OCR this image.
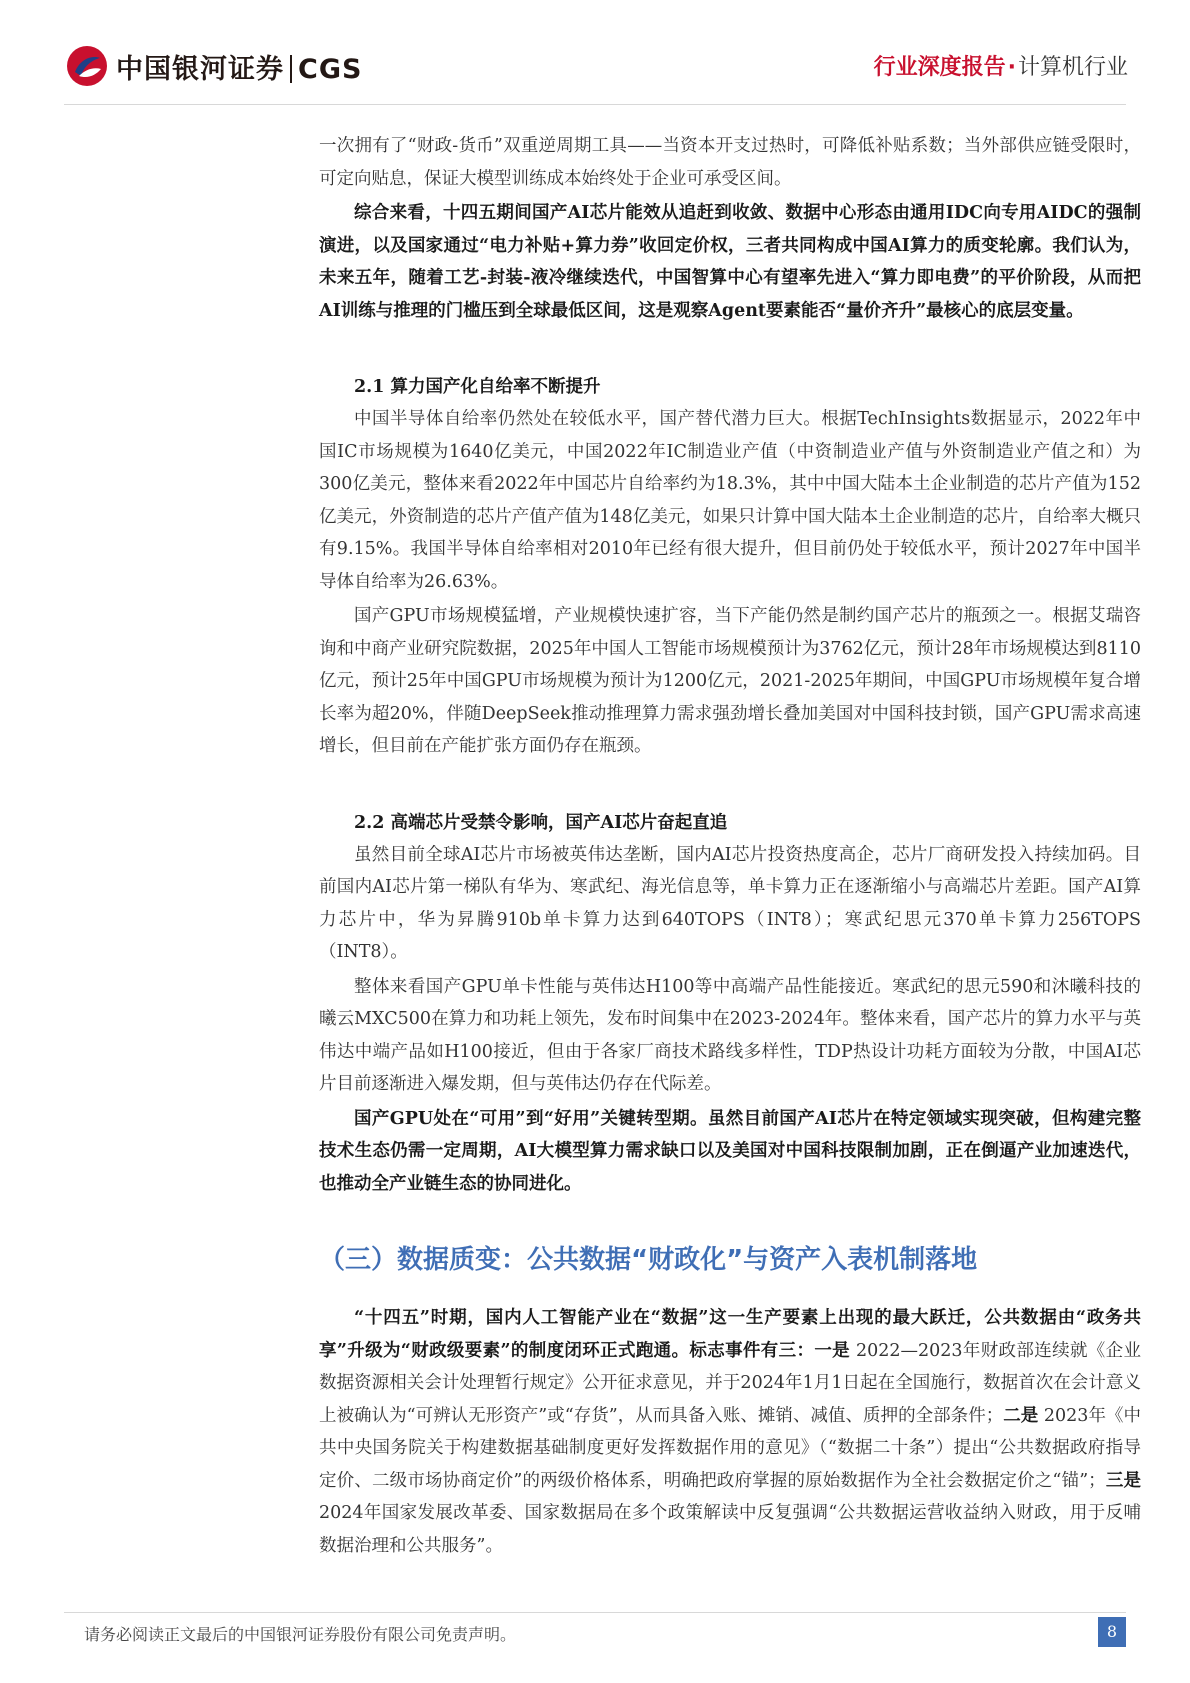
中国银河证券 CGS	行业深度报告·计算机行业

一次拥有了“财政-货币”双重逆周期工具——当资本开支过热时，可降低补贴系数；当外部供应链受限时，可定向贴息，保证大模型训练成本始终处于企业可承受区间。

综合来看，十四五期间国产AI芯片能效从追赶到收敛、数据中心形态由通用IDC向专用AIDC的强制演进，以及国家通过“电力补贴+算力券”收回定价权，三者共同构成中国AI算力的质变轮廓。我们认为，未来五年，随着工艺-封装-液冷继续迭代，中国智算中心有望率先进入“算力即电费”的平价阶段，从而把AI训练与推理的门槛压到全球最低区间，这是观察Agent要素能否“量价齐升”最核心的底层变量。

2.1 算力国产化自给率不断提升

中国半导体自给率仍然处在较低水平，国产替代潜力巨大。根据TechInsights数据显示，2022年中国IC市场规模为1640亿美元，中国2022年IC制造业产值（中资制造业产值与外资制造业产值之和）为300亿美元，整体来看2022年中国芯片自给率约为18.3%，其中中国大陆本土企业制造的芯片产值为152亿美元，外资制造的芯片产值产值为148亿美元，如果只计算中国大陆本土企业制造的芯片，自给率大概只有9.15%。我国半导体自给率相对2010年已经有很大提升，但目前仍处于较低水平，预计2027年中国半导体自给率为26.63%。

国产GPU市场规模猛增，产业规模快速扩容，当下产能仍然是制约国产芯片的瓶颈之一。根据艾瑞咨询和中商产业研究院数据，2025年中国人工智能市场规模预计为3762亿元，预计28年市场规模达到8110亿元，预计25年中国GPU市场规模为预计为1200亿元，2021-2025年期间，中国GPU市场规模年复合增长率为超20%，伴随DeepSeek推动推理算力需求强劲增长叠加美国对中国科技封锁，国产GPU需求高速增长，但目前在产能扩张方面仍存在瓶颈。

2.2 高端芯片受禁令影响，国产AI芯片奋起直追

虽然目前全球AI芯片市场被英伟达垄断，国内AI芯片投资热度高企，芯片厂商研发投入持续加码。目前国内AI芯片第一梯队有华为、寒武纪、海光信息等，单卡算力正在逐渐缩小与高端芯片差距。国产AI算力芯片中，华为昇腾910b单卡算力达到640TOPS（INT8）；寒武纪思元370单卡算力256TOPS（INT8）。

整体来看国产GPU单卡性能与英伟达H100等中高端产品性能接近。寒武纪的思元590和沐曦科技的曦云MXC500在算力和功耗上领先，发布时间集中在2023-2024年。整体来看，国产芯片的算力水平与英伟达中端产品如H100接近，但由于各家厂商技术路线多样性，TDP热设计功耗方面较为分散，中国AI芯片目前逐渐进入爆发期，但与英伟达仍存在代际差。

国产GPU处在“可用”到“好用”关键转型期。虽然目前国产AI芯片在特定领域实现突破，但构建完整技术生态仍需一定周期，AI大模型算力需求缺口以及美国对中国科技限制加剧，正在倒逼产业加速迭代，也推动全产业链生态的协同进化。

（三）数据质变：公共数据“财政化”与资产入表机制落地

“十四五”时期，国内人工智能产业在“数据”这一生产要素上出现的最大跃迁，公共数据由“政务共享”升级为“财政级要素”的制度闭环正式跑通。标志事件有三：一是 2022—2023年财政部连续就《企业数据资源相关会计处理暂行规定》公开征求意见，并于2024年1月1日起在全国施行，数据首次在会计意义上被确认为“可辨认无形资产”或“存货”，从而具备入账、摊销、减值、质押的全部条件；二是 2023年《中共中央国务院关于构建数据基础制度更好发挥数据作用的意见》（“数据二十条”）提出“公共数据政府指导定价、二级市场协商定价”的两级价格体系，明确把政府掌握的原始数据作为全社会数据定价之“锚”；三是 2024年国家发展改革委、国家数据局在多个政策解读中反复强调“公共数据运营收益纳入财政，用于反哺数据治理和公共服务”。

请务必阅读正文最后的中国银河证券股份有限公司免责声明。	8
